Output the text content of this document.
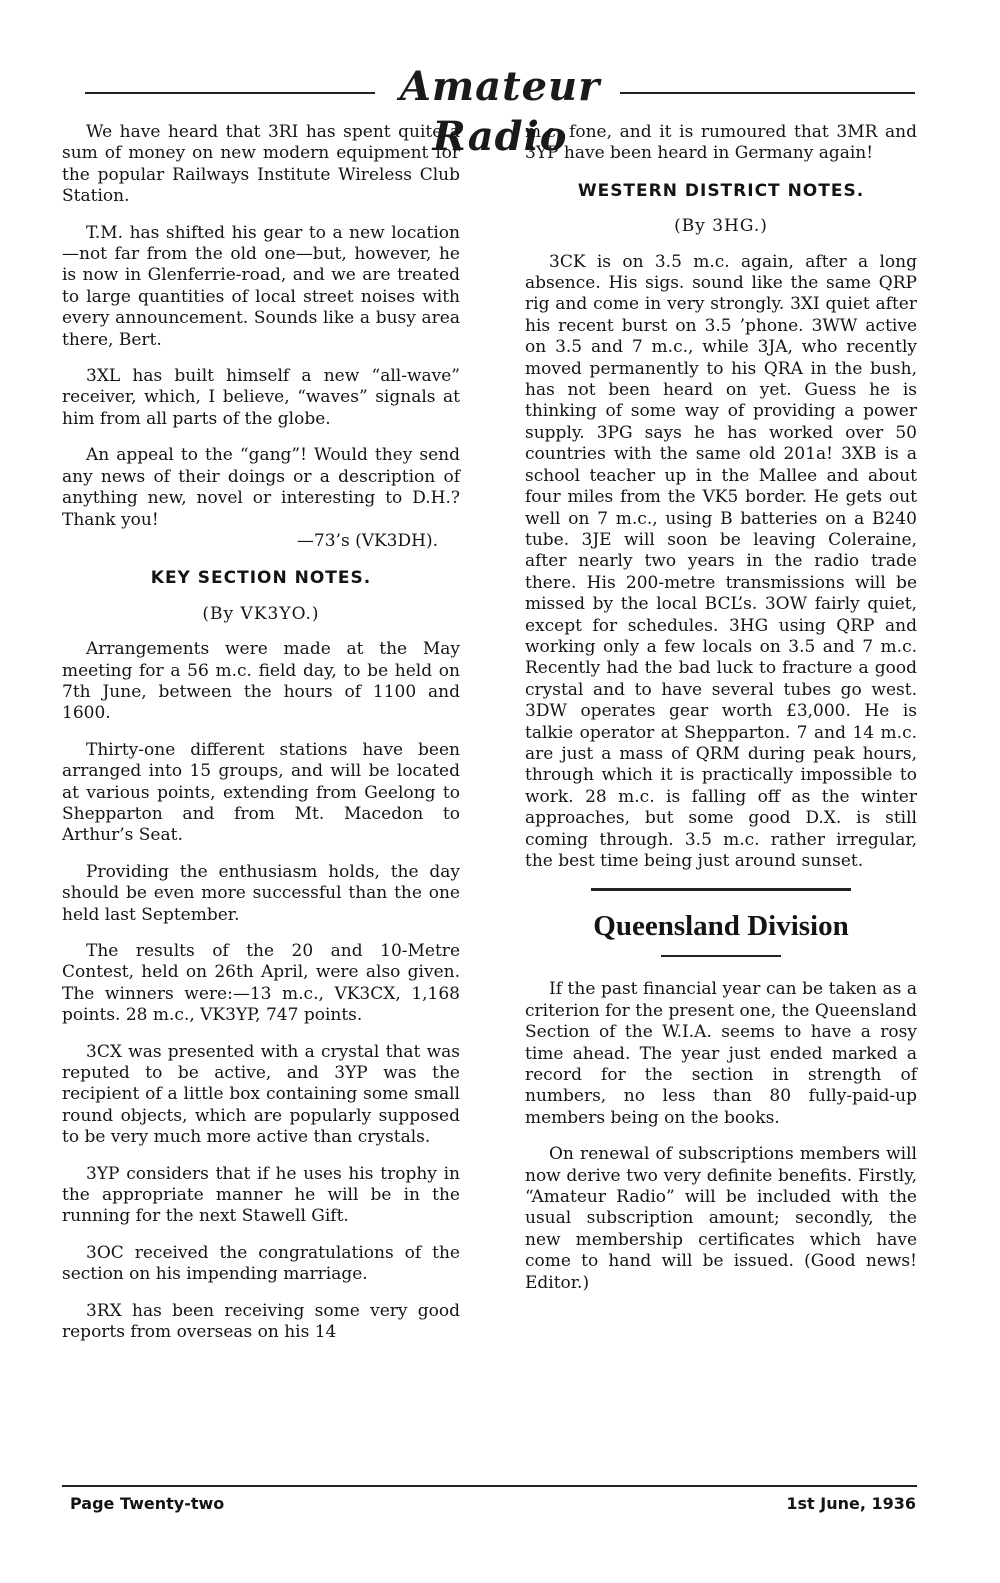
Amateur Radio

We have heard that 3RI has spent quite a sum of money on new modern equipment for the popular Railways Institute Wireless Club Station.

T.M. has shifted his gear to a new location—not far from the old one—but, however, he is now in Glenferrie-road, and we are treated to large quantities of local street noises with every announcement. Sounds like a busy area there, Bert.

3XL has built himself a new “all-wave” receiver, which, I believe, “waves” signals at him from all parts of the globe.

An appeal to the “gang”! Would they send any news of their doings or a description of anything new, novel or interesting to D.H.? Thank you!

—73’s (VK3DH).
KEY SECTION NOTES.
(By VK3YO.)

Arrangements were made at the May meeting for a 56 m.c. field day, to be held on 7th June, between the hours of 1100 and 1600.

Thirty-one different stations have been arranged into 15 groups, and will be located at various points, extending from Geelong to Shepparton and from Mt. Macedon to Arthur’s Seat.

Providing the enthusiasm holds, the day should be even more successful than the one held last September.

The results of the 20 and 10-Metre Contest, held on 26th April, were also given. The winners were:—13 m.c., VK3CX, 1,168 points. 28 m.c., VK3YP, 747 points.

3CX was presented with a crystal that was reputed to be active, and 3YP was the recipient of a little box containing some small round objects, which are popularly supposed to be very much more active than crystals.

3YP considers that if he uses his trophy in the appropriate manner he will be in the running for the next Stawell Gift.

3OC received the congratulations of the section on his impending marriage.

3RX has been receiving some very good reports from overseas on his 14

m.c. fone, and it is rumoured that 3MR and 3YP have been heard in Germany again!

WESTERN DISTRICT NOTES.
(By 3HG.)

3CK is on 3.5 m.c. again, after a long absence. His sigs. sound like the same QRP rig and come in very strongly. 3XI quiet after his recent burst on 3.5 ’phone. 3WW active on 3.5 and 7 m.c., while 3JA, who recently moved permanently to his QRA in the bush, has not been heard on yet. Guess he is thinking of some way of providing a power supply. 3PG says he has worked over 50 countries with the same old 201a! 3XB is a school teacher up in the Mallee and about four miles from the VK5 border. He gets out well on 7 m.c., using B batteries on a B240 tube. 3JE will soon be leaving Coleraine, after nearly two years in the radio trade there. His 200-metre transmissions will be missed by the local BCL’s. 3OW fairly quiet, except for schedules. 3HG using QRP and working only a few locals on 3.5 and 7 m.c. Recently had the bad luck to fracture a good crystal and to have several tubes go west. 3DW operates gear worth £3,000. He is talkie operator at Shepparton. 7 and 14 m.c. are just a mass of QRM during peak hours, through which it is practically impossible to work. 28 m.c. is falling off as the winter approaches, but some good D.X. is still coming through. 3.5 m.c. rather irregular, the best time being just around sunset.

Queensland Division

If the past financial year can be taken as a criterion for the present one, the Queensland Section of the W.I.A. seems to have a rosy time ahead. The year just ended marked a record for the section in strength of numbers, no less than 80 fully-paid-up members being on the books.

On renewal of subscriptions members will now derive two very definite benefits. Firstly, “Amateur Radio” will be included with the usual subscription amount; secondly, the new membership certificates which have come to hand will be issued. (Good news! Editor.)

Page Twenty-two	1st June, 1936
